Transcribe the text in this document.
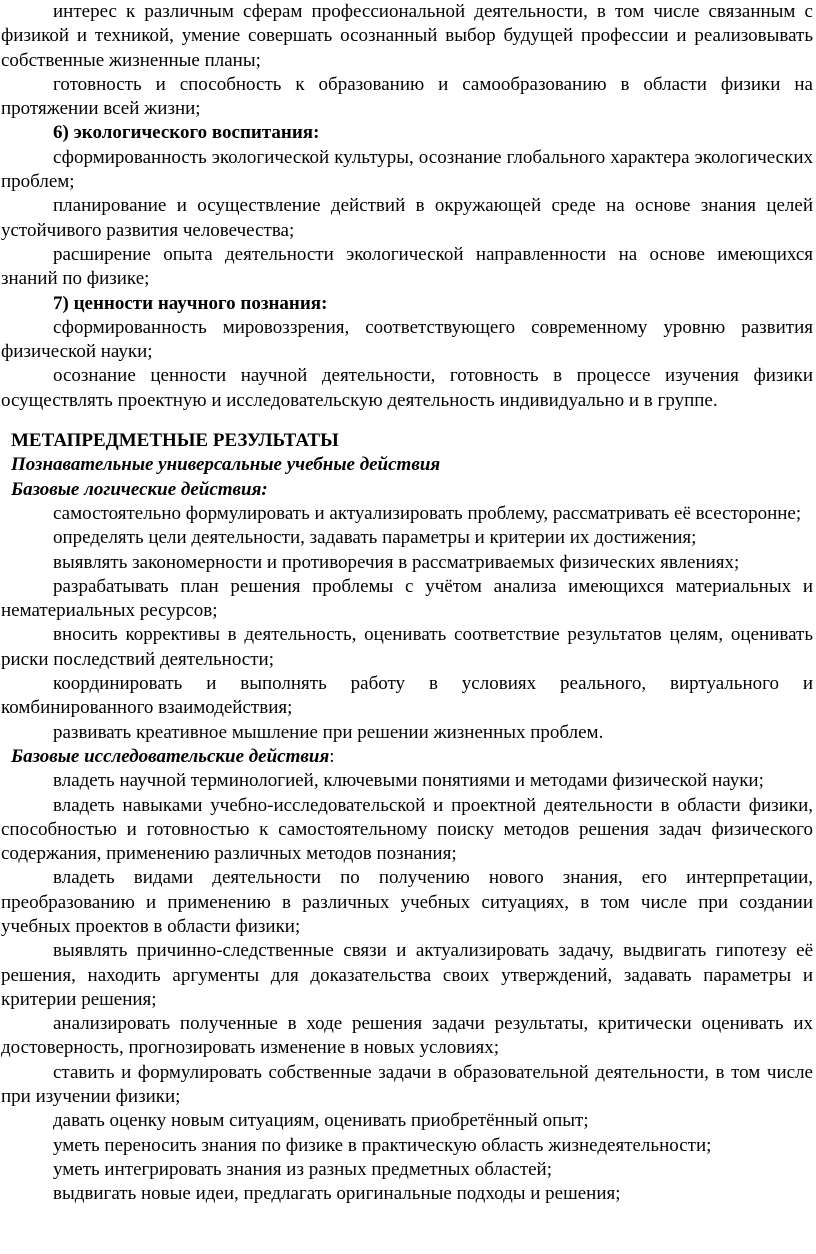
интерес к различным сферам профессиональной деятельности, в том числе связанным с физикой и техникой, умение совершать осознанный выбор будущей профессии и реализовывать собственные жизненные планы;

готовность и способность к образованию и самообразованию в области физики на протяжении всей жизни;

6) экологического воспитания:

сформированность экологической культуры, осознание глобального характера экологических проблем;

планирование и осуществление действий в окружающей среде на основе знания целей устойчивого развития человечества;

расширение опыта деятельности экологической направленности на основе имеющихся знаний по физике;

7) ценности научного познания:

сформированность мировоззрения, соответствующего современному уровню развития физической науки;

осознание ценности научной деятельности, готовность в процессе изучения физики осуществлять проектную и исследовательскую деятельность индивидуально и в группе.

МЕТАПРЕДМЕТНЫЕ РЕЗУЛЬТАТЫ

Познавательные универсальные учебные действия

Базовые логические действия:

самостоятельно формулировать и актуализировать проблему, рассматривать её всесторонне;

определять цели деятельности, задавать параметры и критерии их достижения;

выявлять закономерности и противоречия в рассматриваемых физических явлениях;

разрабатывать план решения проблемы с учётом анализа имеющихся материальных и нематериальных ресурсов;

вносить коррективы в деятельность, оценивать соответствие результатов целям, оценивать риски последствий деятельности;

координировать и выполнять работу в условиях реального, виртуального и комбинированного взаимодействия;

развивать креативное мышление при решении жизненных проблем.

Базовые исследовательские действия:

владеть научной терминологией, ключевыми понятиями и методами физической науки;

владеть навыками учебно-исследовательской и проектной деятельности в области физики, способностью и готовностью к самостоятельному поиску методов решения задач физического содержания, применению различных методов познания;

владеть видами деятельности по получению нового знания, его интерпретации, преобразованию и применению в различных учебных ситуациях, в том числе при создании учебных проектов в области физики;

выявлять причинно-следственные связи и актуализировать задачу, выдвигать гипотезу её решения, находить аргументы для доказательства своих утверждений, задавать параметры и критерии решения;

анализировать полученные в ходе решения задачи результаты, критически оценивать их достоверность, прогнозировать изменение в новых условиях;

ставить и формулировать собственные задачи в образовательной деятельности, в том числе при изучении физики;

давать оценку новым ситуациям, оценивать приобретённый опыт;

уметь переносить знания по физике в практическую область жизнедеятельности;

уметь интегрировать знания из разных предметных областей;

выдвигать новые идеи, предлагать оригинальные подходы и решения;
